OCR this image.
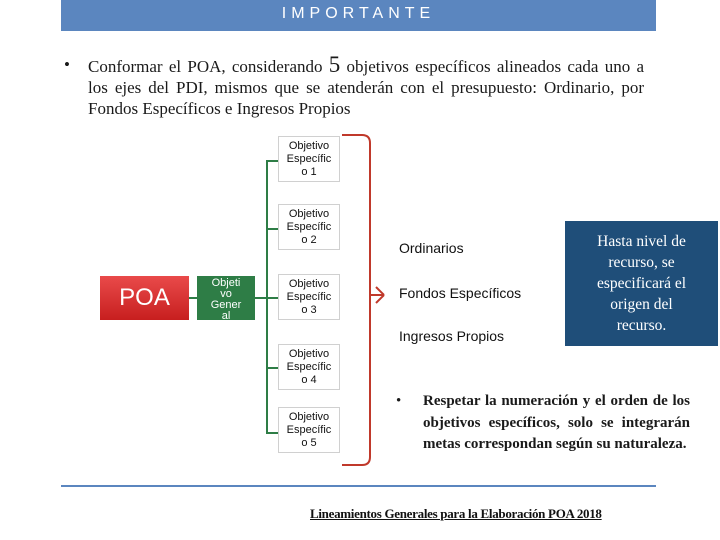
IMPORTANTE
•	Conformar el POA, considerando 5 objetivos específicos alineados cada uno a los ejes del PDI, mismos que se atenderán con el presupuesto: Ordinario, por Fondos Específicos e Ingresos Propios
POA
Objeti
vo
Gener
al
Objetivo
Específic
o 1
Objetivo
Específic
o 2
Objetivo
Específic
o 3
Objetivo
Específic
o 4
Objetivo
Específic
o 5
Ordinarios
Fondos Específicos
Ingresos Propios
Hasta nivel de
recurso, se
especificará el
origen del
recurso.
•	Respetar la numeración y el orden de los objetivos específicos, solo se integrarán metas correspondan según su naturaleza.
Lineamientos Generales para la Elaboración POA 2018
